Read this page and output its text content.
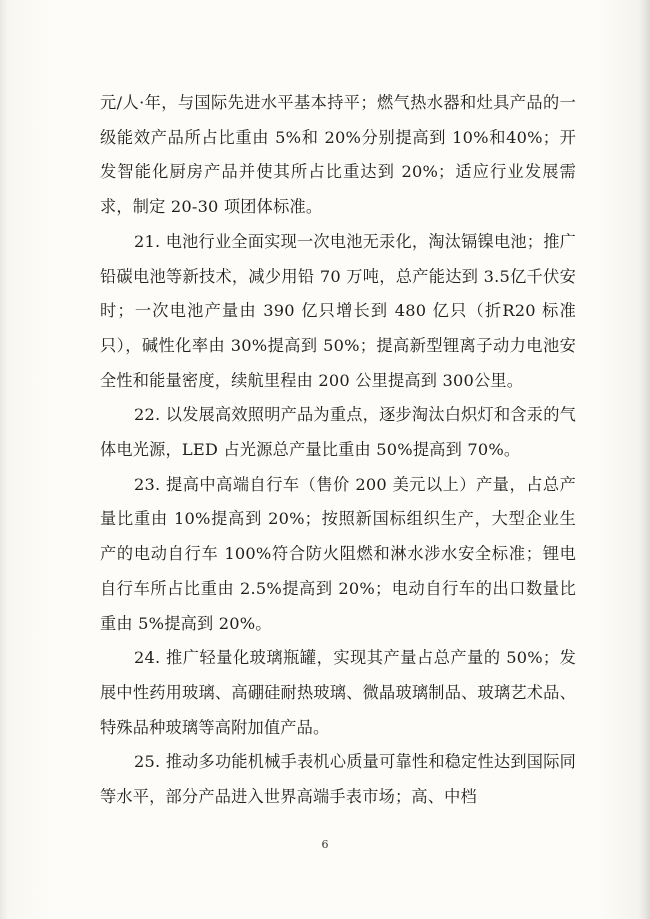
元/人·年，与国际先进水平基本持平；燃气热水器和灶具产品的一级能效产品所占比重由 5%和 20%分别提高到 10%和40%；开发智能化厨房产品并使其所占比重达到 20%；适应行业发展需求，制定 20-30 项团体标准。

21. 电池行业全面实现一次电池无汞化，淘汰镉镍电池；推广铅碳电池等新技术，减少用铅 70 万吨，总产能达到 3.5亿千伏安时；一次电池产量由 390 亿只增长到 480 亿只（折R20 标准只），碱性化率由 30%提高到 50%；提高新型锂离子动力电池安全性和能量密度，续航里程由 200 公里提高到 300公里。

22. 以发展高效照明产品为重点，逐步淘汰白炽灯和含汞的气体电光源，LED 占光源总产量比重由 50%提高到 70%。

23. 提高中高端自行车（售价 200 美元以上）产量，占总产量比重由 10%提高到 20%；按照新国标组织生产，大型企业生产的电动自行车 100%符合防火阻燃和淋水涉水安全标准；锂电自行车所占比重由 2.5%提高到 20%；电动自行车的出口数量比重由 5%提高到 20%。

24. 推广轻量化玻璃瓶罐，实现其产量占总产量的 50%；发展中性药用玻璃、高硼硅耐热玻璃、微晶玻璃制品、玻璃艺术品、特殊品种玻璃等高附加值产品。

25. 推动多功能机械手表机心质量可靠性和稳定性达到国际同等水平，部分产品进入世界高端手表市场；高、中档

6
